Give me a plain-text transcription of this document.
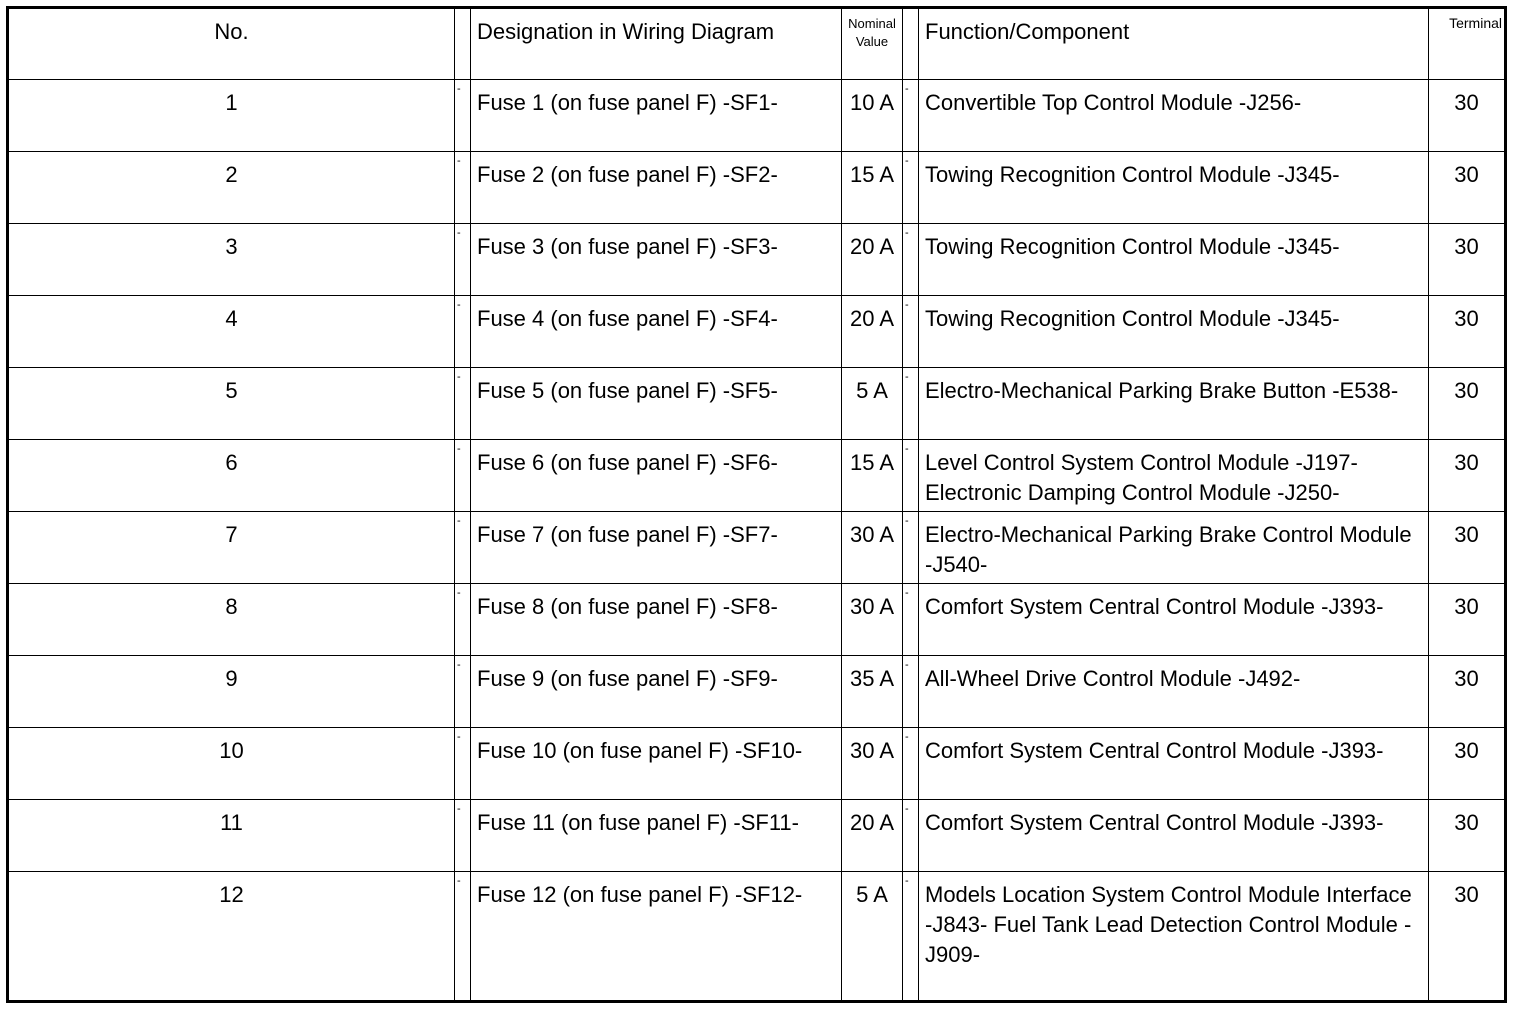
No.		Designation in Wiring Diagram	Nominal Value		Function/Component	Terminal

1	-	Fuse 1 (on fuse panel F) -SF1-	10 A	-	Convertible Top Control Module -J256-	30

2	-	Fuse 2 (on fuse panel F) -SF2-	15 A	-	Towing Recognition Control Module -J345-	30

3	-	Fuse 3 (on fuse panel F) -SF3-	20 A	-	Towing Recognition Control Module -J345-	30

4	-	Fuse 4 (on fuse panel F) -SF4-	20 A	-	Towing Recognition Control Module -J345-	30

5	-	Fuse 5 (on fuse panel F) -SF5-	5 A	-	Electro-Mechanical Parking Brake Button -E538-	30

6	-	Fuse 6 (on fuse panel F) -SF6-	15 A	-	Level Control System Control Module -J197- Electronic Damping Control Module -J250-	30

7	-	Fuse 7 (on fuse panel F) -SF7-	30 A	-	Electro-Mechanical Parking Brake Control Module -J540-	30

8	-	Fuse 8 (on fuse panel F) -SF8-	30 A	-	Comfort System Central Control Module -J393-	30

9	-	Fuse 9 (on fuse panel F) -SF9-	35 A	-	All-Wheel Drive Control Module -J492-	30

10	-	Fuse 10 (on fuse panel F) -SF10-	30 A	-	Comfort System Central Control Module -J393-	30

11	-	Fuse 11 (on fuse panel F) -SF11-	20 A	-	Comfort System Central Control Module -J393-	30

12	-	Fuse 12 (on fuse panel F) -SF12-	5 A	-	Models Location System Control Module Interface -J843- Fuel Tank Lead Detection Control Module -J909-	30
